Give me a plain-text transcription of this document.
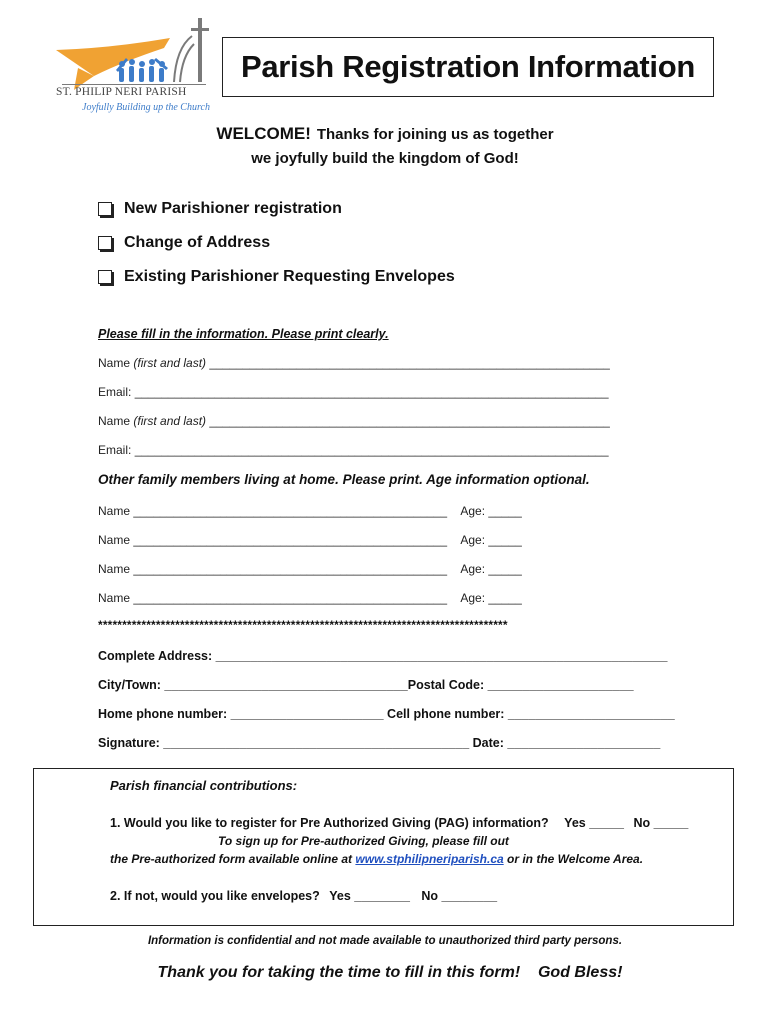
ST. PHILIP NERI PARISH
Joyfully Building up the Church
Parish Registration Information
WELCOME! Thanks for joining us as together
we joyfully build the kingdom of God!
New Parishioner registration
Change of Address
Existing Parishioner Requesting Envelopes
Please fill in the information. Please print clearly.
Name (first and last) ____________________________________________________________
Email: _______________________________________________________________________
Name (first and last) ____________________________________________________________
Email: _______________________________________________________________________
Other family members living at home. Please print. Age information optional.
Name _______________________________________________ Age: _____
Name _______________________________________________ Age: _____
Name _______________________________________________ Age: _____
Name _______________________________________________ Age: _____
*************************************************************************************
Complete Address: _________________________________________________________________
City/Town: ___________________________________Postal Code: _____________________
Home phone number: ______________________ Cell phone number: ________________________
Signature: ____________________________________________ Date: ______________________
Parish financial contributions:
1. Would you like to register for Pre Authorized Giving (PAG) information? Yes _____ No _____
To sign up for Pre-authorized Giving, please fill out
the Pre-authorized form available online at www.stphilipneriparish.ca or in the Welcome Area.
2. If not, would you like envelopes? Yes ________ No ________
Information is confidential and not made available to unauthorized third party persons.
Thank you for taking the time to fill in this form!    God Bless!
